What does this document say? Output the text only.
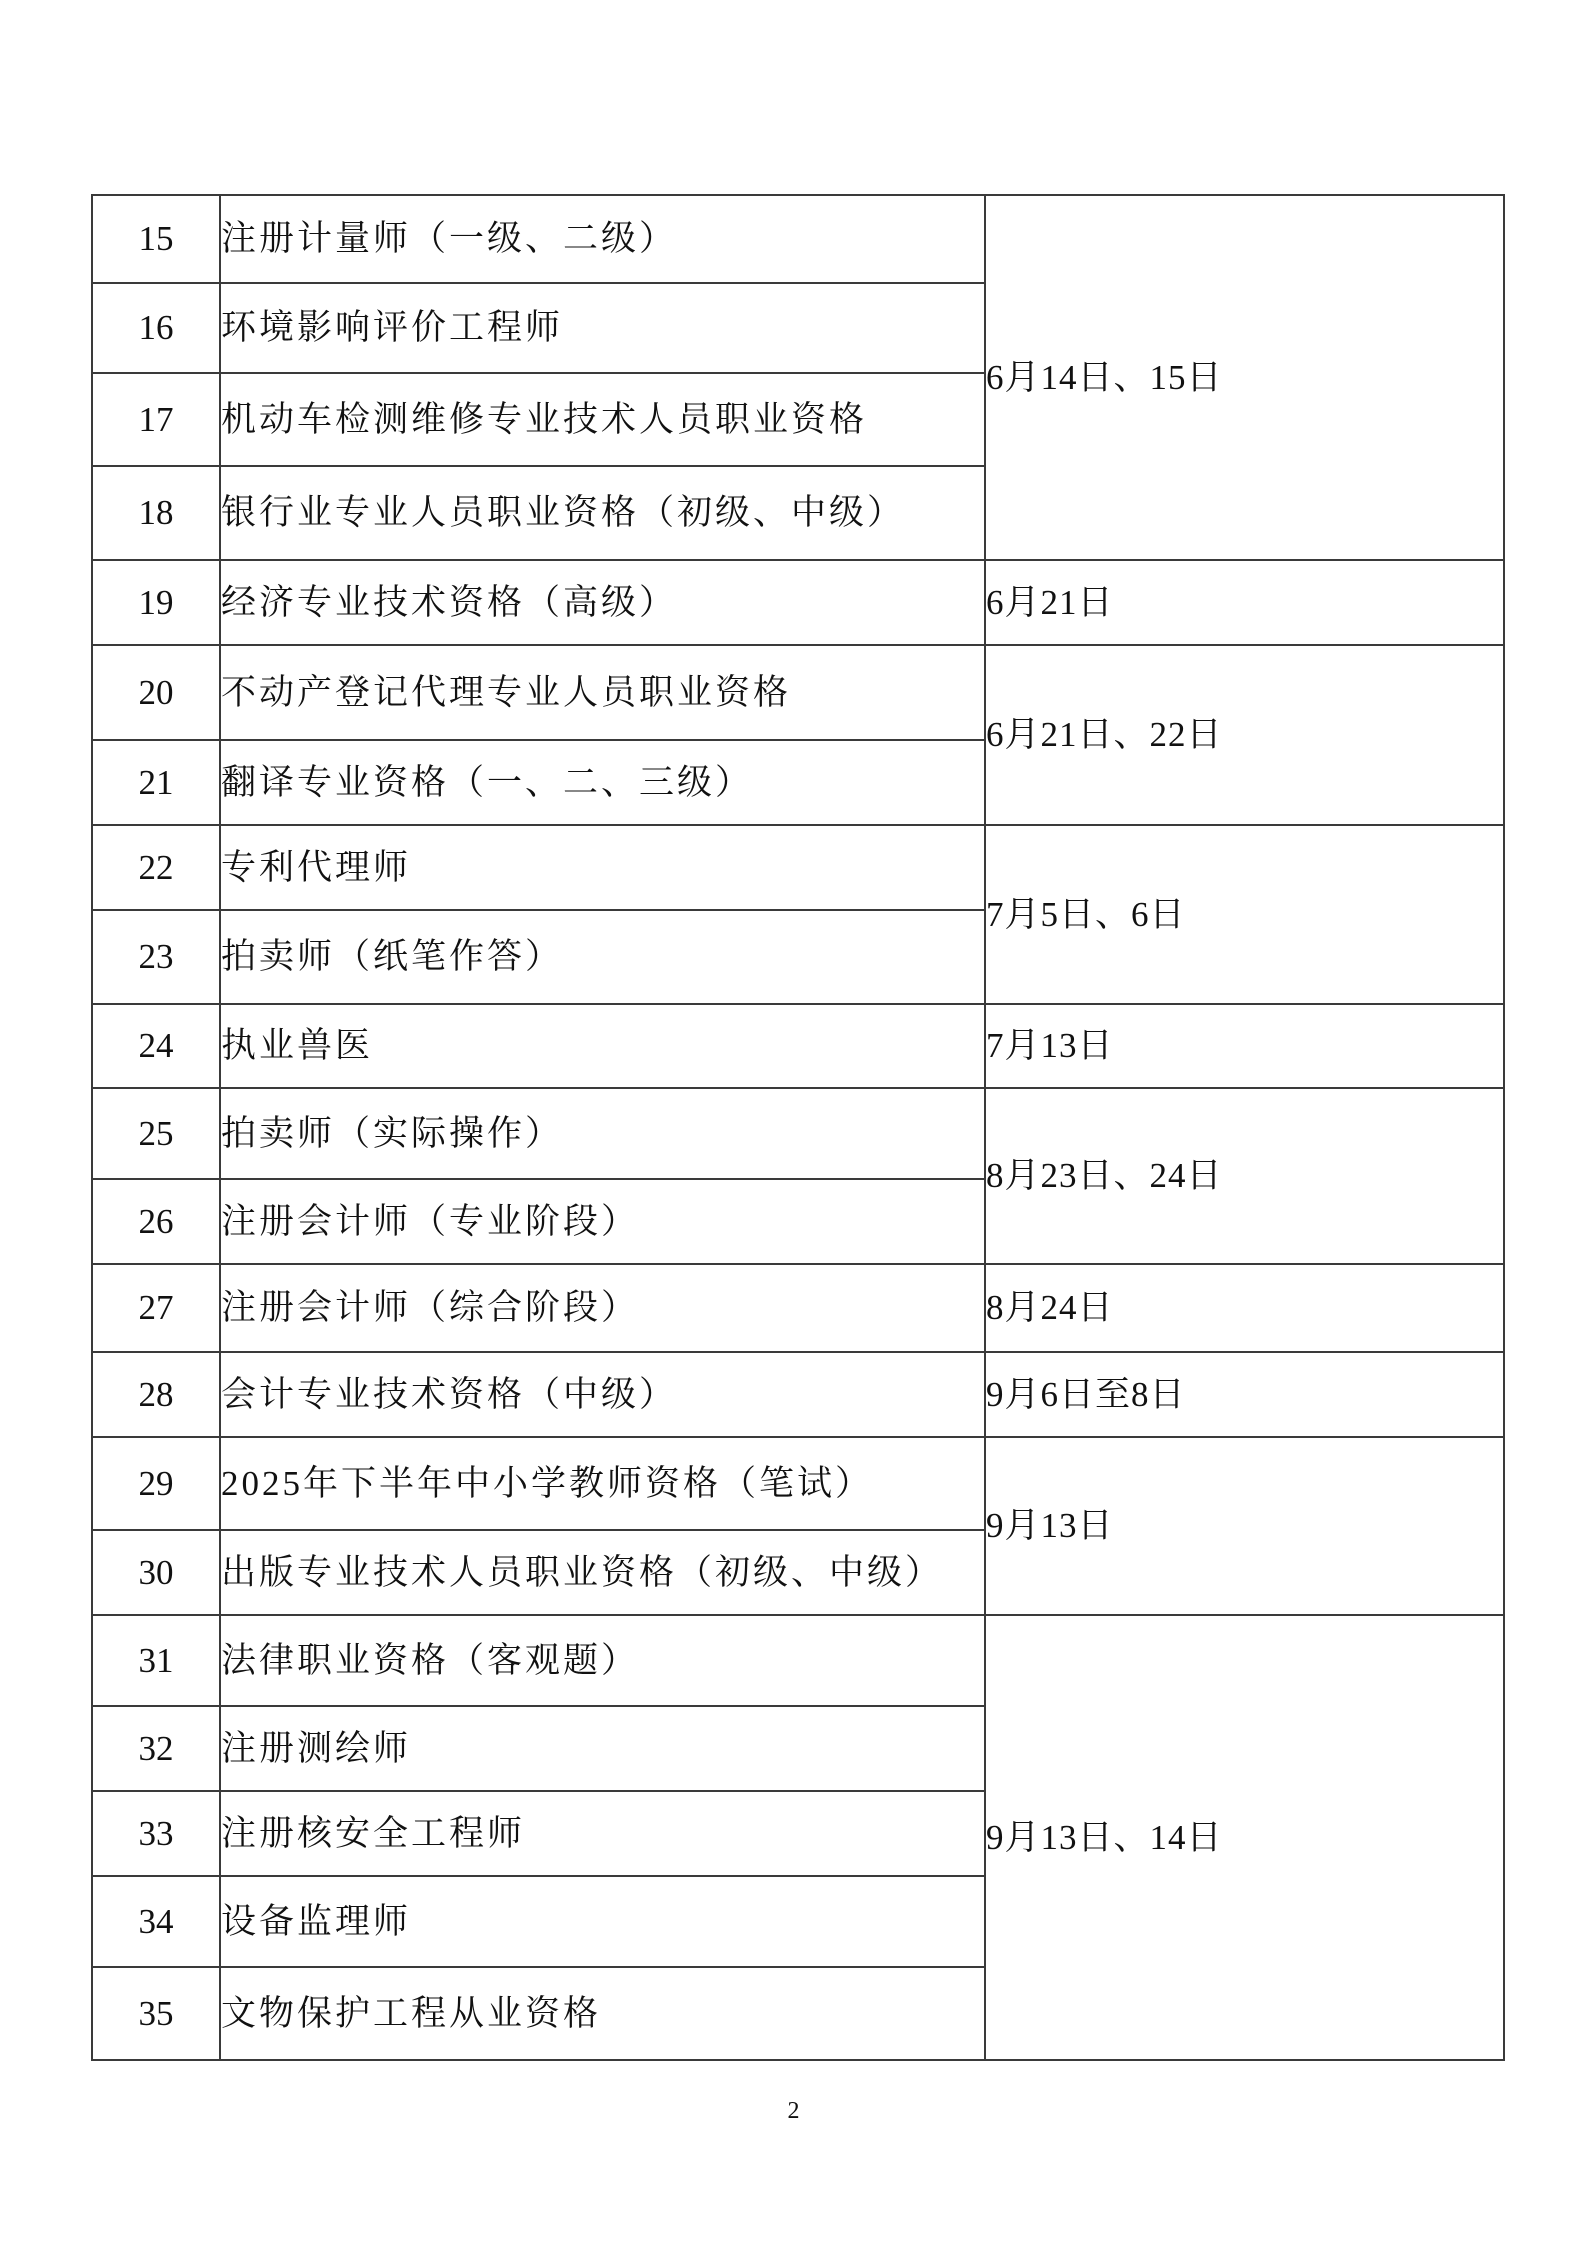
15	注册计量师（一级、二级）	6月14日、15日
16	环境影响评价工程师	
17	机动车检测维修专业技术人员职业资格	
18	银行业专业人员职业资格（初级、中级）	
19	经济专业技术资格（高级）	6月21日
20	不动产登记代理专业人员职业资格	6月21日、22日
21	翻译专业资格（一、二、三级）	
22	专利代理师	7月5日、6日
23	拍卖师（纸笔作答）	
24	执业兽医	7月13日
25	拍卖师（实际操作）	8月23日、24日
26	注册会计师（专业阶段）	
27	注册会计师（综合阶段）	8月24日
28	会计专业技术资格（中级）	9月6日至8日
29	2025年下半年中小学教师资格（笔试）	9月13日
30	出版专业技术人员职业资格（初级、中级）	
31	法律职业资格（客观题）	9月13日、14日
32	注册测绘师	
33	注册核安全工程师	
34	设备监理师	
35	文物保护工程从业资格	
2
